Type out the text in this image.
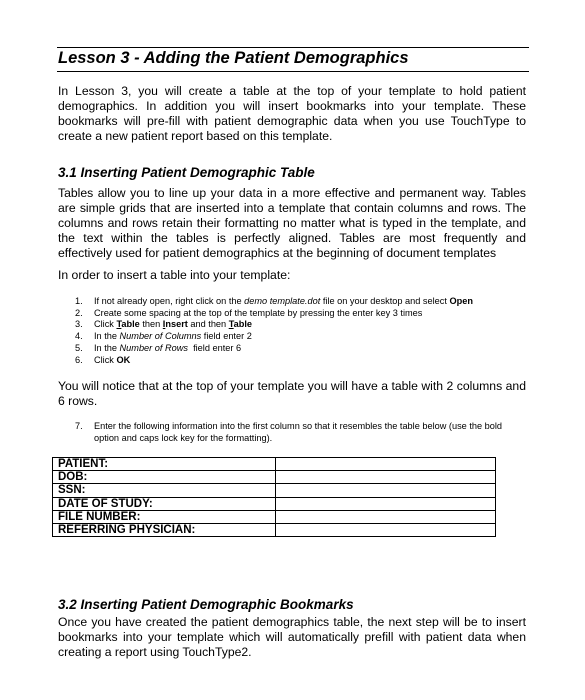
Lesson 3 - Adding the Patient Demographics
In Lesson 3, you will create a table at the top of your template to hold patient
demographics. In addition you will insert bookmarks into your template. These
bookmarks will pre-fill with patient demographic data when you use TouchType to
create a new patient report based on this template.
3.1 Inserting Patient Demographic Table
Tables allow you to line up your data in a more effective and permanent way. Tables
are simple grids that are inserted into a template that contain columns and rows. The
columns and rows retain their formatting no matter what is typed in the template, and
the text within the tables is perfectly aligned. Tables are most frequently and
effectively used for patient demographics at the beginning of document templates
In order to insert a table into your template:
1.	If not already open, right click on the demo template.dot file on your desktop and select Open
2.	Create some spacing at the top of the template by pressing the enter key 3 times
3.	Click Table then Insert and then Table
4.	In the Number of Columns field enter 2
5.	In the Number of Rows  field enter 6
6.	Click OK
You will notice that at the top of your template you will have a table with 2 columns and
6 rows.
7.	Enter the following information into the first column so that it resembles the table below (use the bold option and caps lock key for the formatting).
PATIENT:	
DOB:	
SSN:	
DATE OF STUDY:	
FILE NUMBER:	
REFERRING PHYSICIAN:	
3.2 Inserting Patient Demographic Bookmarks
Once you have created the patient demographics table, the next step will be to insert
bookmarks into your template which will automatically prefill with patient data when
creating a report using TouchType2.
